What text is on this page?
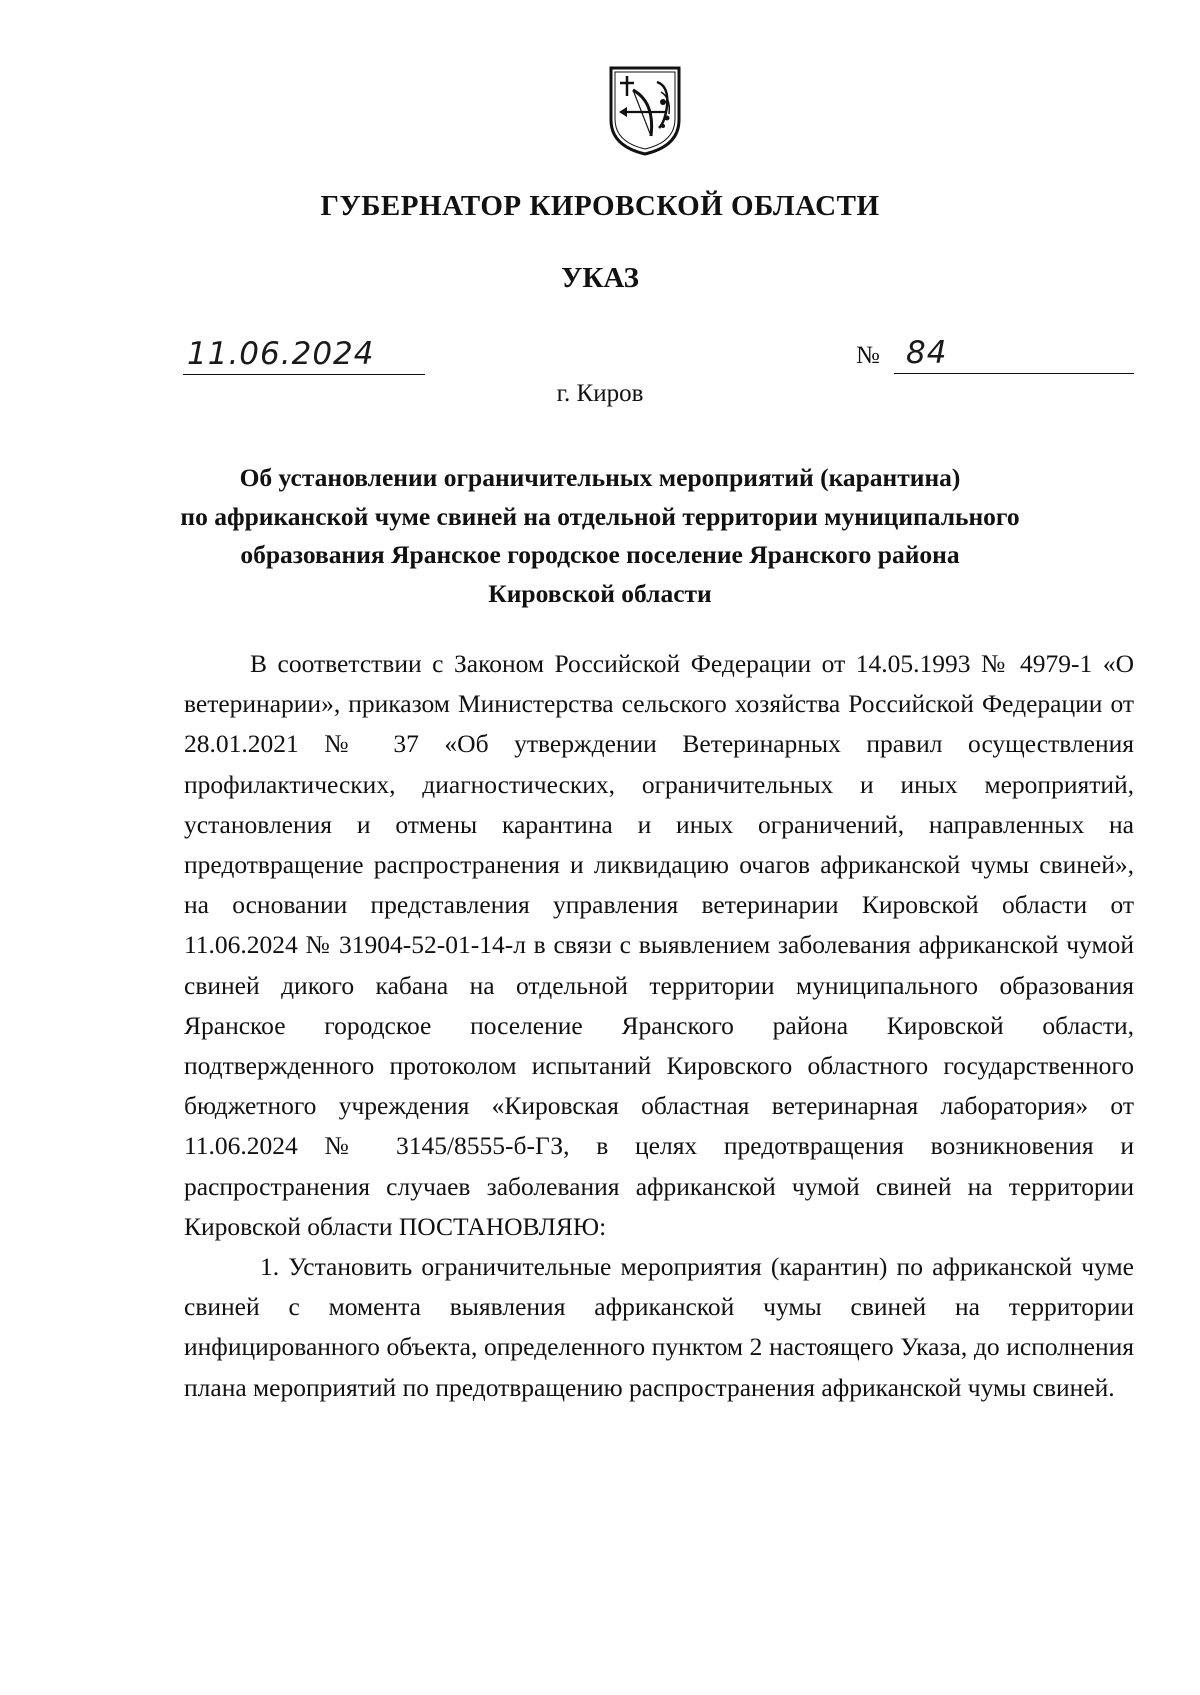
ГУБЕРНАТОР КИРОВСКОЙ ОБЛАСТИ
УКАЗ
11.06.2024	№ 84
г. Киров
Об установлении ограничительных мероприятий (карантина)
по африканской чуме свиней на отдельной территории муниципального
образования Яранское городское поселение Яранского района
Кировской области

В соответствии с Законом Российской Федерации от 14.05.1993 № 4979-1 «О ветеринарии», приказом Министерства сельского хозяйства Российской Федерации от 28.01.2021 № 37 «Об утверждении Ветеринарных правил осуществления профилактических, диагностических, ограничительных и иных мероприятий, установления и отмены карантина и иных ограничений, направленных на предотвращение распространения и ликвидацию очагов африканской чумы свиней», на основании представления управления ветеринарии Кировской области от 11.06.2024 № 31904-52-01-14-л в связи с выявлением заболевания африканской чумой свиней дикого кабана на отдельной территории муниципального образования Яранское городское поселение Яранского района Кировской области, подтвержденного протоколом испытаний Кировского областного государственного бюджетного учреждения «Кировская областная ветеринарная лаборатория» от 11.06.2024 № 3145/8555-б-ГЗ, в целях предотвращения возникновения и распространения случаев заболевания африканской чумой свиней на территории Кировской области ПОСТАНОВЛЯЮ:

1. Установить ограничительные мероприятия (карантин) по африканской чуме свиней с момента выявления африканской чумы свиней на территории инфицированного объекта, определенного пунктом 2 настоящего Указа, до исполнения плана мероприятий по предотвращению распространения африканской чумы свиней.
